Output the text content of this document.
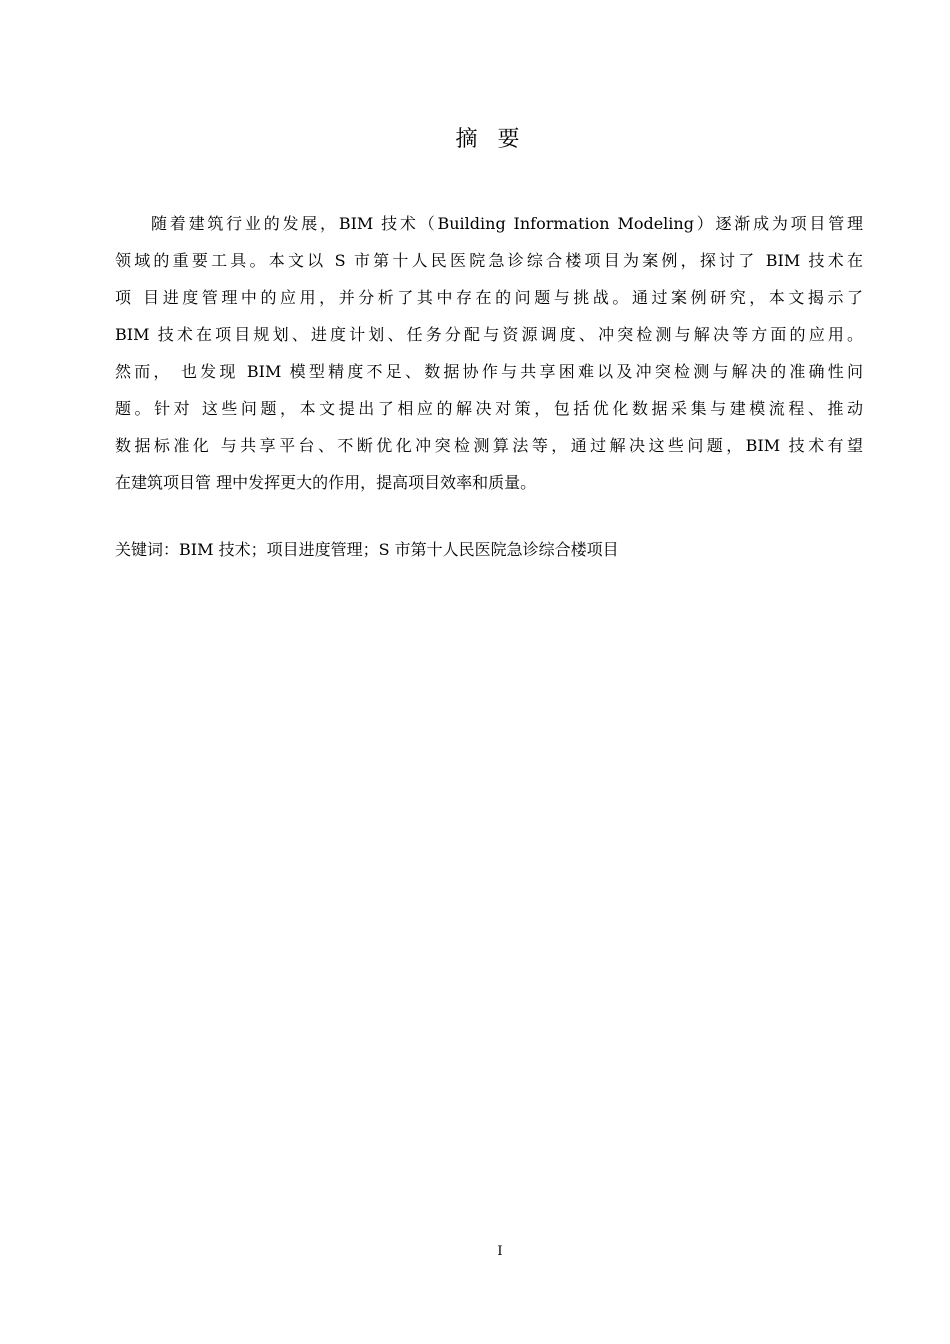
摘 要
随着建筑行业的发展，BIM 技术（Building Information Modeling）逐渐成为项目管理
领域的重要工具。本文以 S 市第十人民医院急诊综合楼项目为案例，探讨了 BIM 技术在
项 目进度管理中的应用，并分析了其中存在的问题与挑战。通过案例研究，本文揭示了
BIM 技术在项目规划、进度计划、任务分配与资源调度、冲突检测与解决等方面的应用。
然而， 也发现 BIM 模型精度不足、数据协作与共享困难以及冲突检测与解决的准确性问
题。针对 这些问题，本文提出了相应的解决对策，包括优化数据采集与建模流程、推动
数据标准化 与共享平台、不断优化冲突检测算法等，通过解决这些问题，BIM 技术有望
在建筑项目管 理中发挥更大的作用，提高项目效率和质量。
关键词：BIM 技术；项目进度管理；S 市第十人民医院急诊综合楼项目
I
